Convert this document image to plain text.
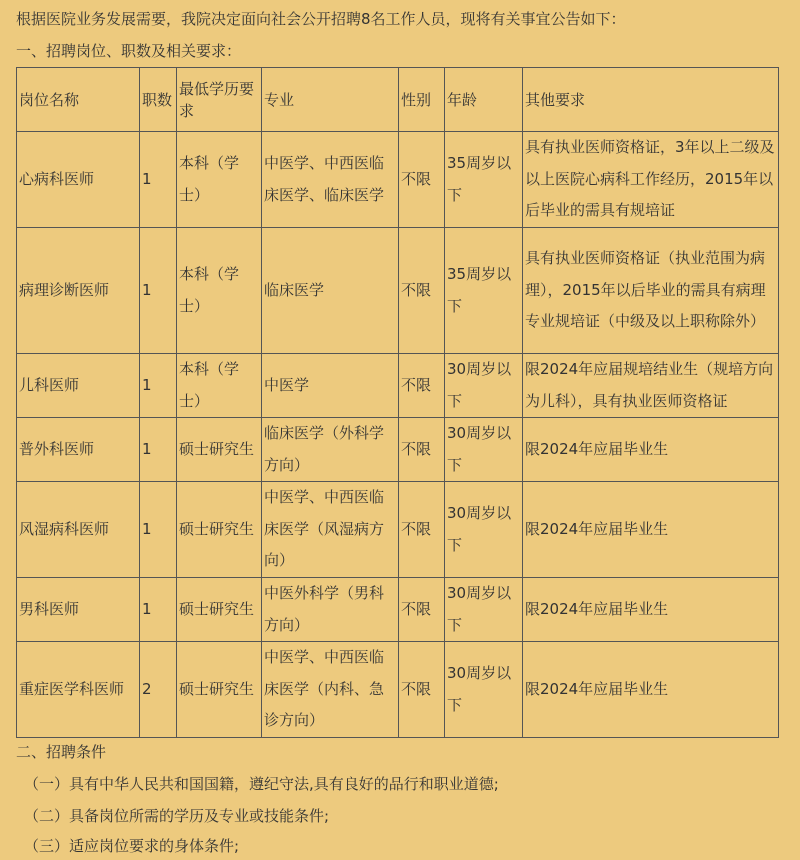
根据医院业务发展需要，我院决定面向社会公开招聘8名工作人员，现将有关事宜公告如下：
一、招聘岗位、职数及相关要求：
岗位名称	职数	最低学历要求	专业	性别	年龄	其他要求
心病科医师	1	本科（学士）	中医学、中西医临床医学、临床医学	不限	35周岁以下	具有执业医师资格证，3年以上二级及以上医院心病科工作经历，2015年以后毕业的需具有规培证
病理诊断医师	1	本科（学士）	临床医学	不限	35周岁以下	具有执业医师资格证（执业范围为病理），2015年以后毕业的需具有病理专业规培证（中级及以上职称除外）
儿科医师	1	本科（学士）	中医学	不限	30周岁以下	限2024年应届规培结业生（规培方向为儿科），具有执业医师资格证
普外科医师	1	硕士研究生	临床医学（外科学方向）	不限	30周岁以下	限2024年应届毕业生
风湿病科医师	1	硕士研究生	中医学、中西医临床医学（风湿病方向）	不限	30周岁以下	限2024年应届毕业生
男科医师	1	硕士研究生	中医外科学（男科方向）	不限	30周岁以下	限2024年应届毕业生
重症医学科医师	2	硕士研究生	中医学、中西医临床医学（内科、急诊方向）	不限	30周岁以下	限2024年应届毕业生
二、招聘条件
（一）具有中华人民共和国国籍，遵纪守法,具有良好的品行和职业道德;
（二）具备岗位所需的学历及专业或技能条件;
（三）适应岗位要求的身体条件;
